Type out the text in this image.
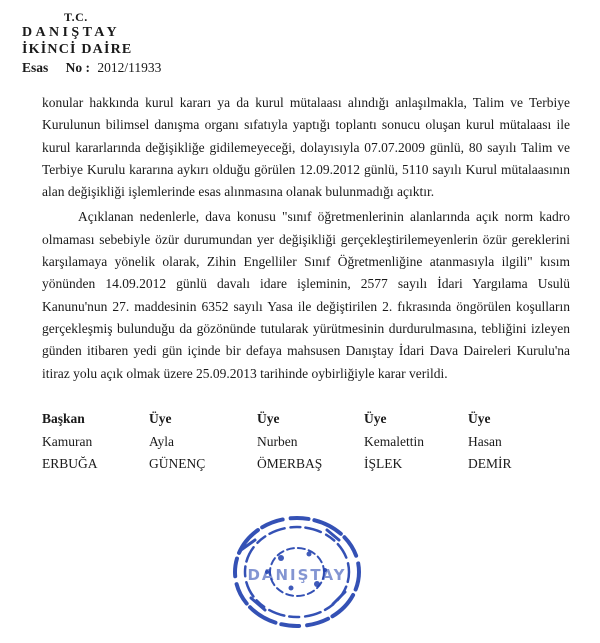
T.C.
DANIŞTAY
İKİNCİ DAİRE
Esas No : 2012/11933

konular hakkında kurul kararı ya da kurul mütalaası alındığı anlaşılmakla, Talim ve Terbiye Kurulunun bilimsel danışma organı sıfatıyla yaptığı toplantı sonucu oluşan kurul mütalaası ile kurul kararlarında değişikliğe gidilemeyeceği, dolayısıyla 07.07.2009 günlü, 80 sayılı Talim ve Terbiye Kurulu kararına aykırı olduğu görülen 12.09.2012 günlü, 5110 sayılı Kurul mütalaasının alan değişikliği işlemlerinde esas alınmasına olanak bulunmadığı açıktır.

Açıklanan nedenlerle, dava konusu "sınıf öğretmenlerinin alanlarında açık norm kadro olmaması sebebiyle özür durumundan yer değişikliği gerçekleştirilemeyenlerin özür gereklerini karşılamaya yönelik olarak, Zihin Engelliler Sınıf Öğretmenliğine atanmasıyla ilgili" kısım yönünden 14.09.2012 günlü davalı idare işleminin, 2577 sayılı İdari Yargılama Usulü Kanunu'nun 27. maddesinin 6352 sayılı Yasa ile değiştirilen 2. fıkrasında öngörülen koşulların gerçekleşmiş bulunduğu da gözönünde tutularak yürütmesinin durdurulmasına, tebliğini izleyen günden itibaren yedi gün içinde bir defaya mahsusen Danıştay İdari Dava Daireleri Kurulu'na itiraz yolu açık olmak üzere 25.09.2013 tarihinde oybirliğiyle karar verildi.

Başkan
Kamuran
ERBUĞA
Üye
Ayla
GÜNENÇ
Üye
Nurben
ÖMERBAŞ
Üye
Kemalettin
İŞLEK
Üye
Hasan
DEMİR
DANIŞTAY
